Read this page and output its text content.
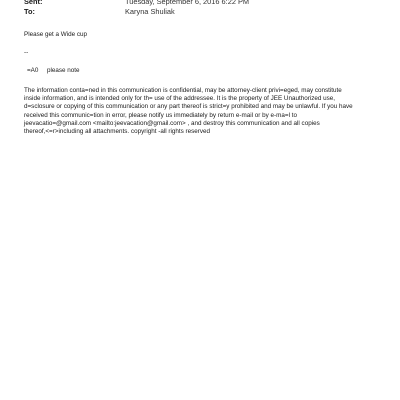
Sent:	Tuesday, September 6, 2016 6:22 PM
To:	Karyna Shuliak
Please get a Wide cup
--
=A0 please note
The information conta=ned in this communication is confidential, may be attorney-client privi=eged, may constitute
inside information, and is intended only for th= use of the addressee. It is the property of JEE Unauthorized use,
d=sclosure or copying of this communication or any part thereof is strict=y prohibited and may be unlawful. If you have
received this communic=tion in error, please notify us immediately by return e-mail or by e-ma=l to
jeevacatio=@gmail.com <mailto:jeevacation@gmail.com> , and destroy this communication and all copies
thereof,<=r>including all attachments. copyright -all rights reserved
